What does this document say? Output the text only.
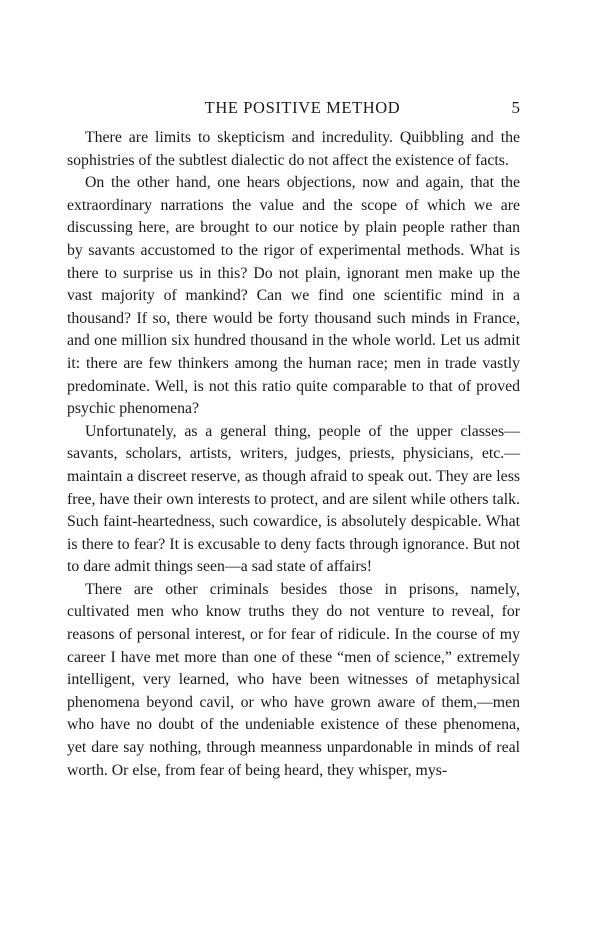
THE POSITIVE METHOD	5

There are limits to skepticism and incredulity. Quibbling and the sophistries of the subtlest dialectic do not affect the existence of facts.

On the other hand, one hears objections, now and again, that the extraordinary narrations the value and the scope of which we are discussing here, are brought to our notice by plain people rather than by savants accustomed to the rigor of experimental methods. What is there to surprise us in this? Do not plain, ignorant men make up the vast majority of mankind? Can we find one scientific mind in a thousand? If so, there would be forty thousand such minds in France, and one million six hundred thousand in the whole world. Let us admit it: there are few thinkers among the human race; men in trade vastly predominate. Well, is not this ratio quite comparable to that of proved psychic phenomena?

Unfortunately, as a general thing, people of the upper classes—savants, scholars, artists, writers, judges, priests, physicians, etc.—maintain a discreet reserve, as though afraid to speak out. They are less free, have their own interests to protect, and are silent while others talk. Such faint-heartedness, such cowardice, is absolutely despicable. What is there to fear? It is excusable to deny facts through ignorance. But not to dare admit things seen—a sad state of affairs!

There are other criminals besides those in prisons, namely, cultivated men who know truths they do not venture to reveal, for reasons of personal interest, or for fear of ridicule. In the course of my career I have met more than one of these “men of science,” extremely intelligent, very learned, who have been witnesses of metaphysical phenomena beyond cavil, or who have grown aware of them,—men who have no doubt of the undeniable existence of these phenomena, yet dare say nothing, through meanness unpardonable in minds of real worth. Or else, from fear of being heard, they whisper, mys-
